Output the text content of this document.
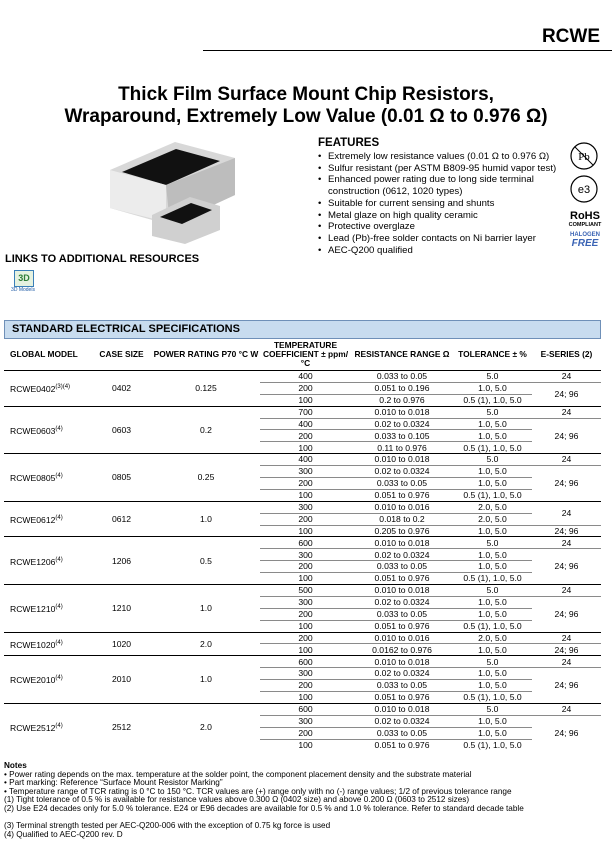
RCWE
Thick Film Surface Mount Chip Resistors,
Wraparound, Extremely Low Value (0.01 Ω to 0.976 Ω)
FEATURES
• Extremely low resistance values (0.01 Ω to 0.976 Ω)
• Sulfur resistant (per ASTM B809-95 humid vapor test)
• Enhanced power rating due to long side terminal construction (0612, 1020 types)
• Suitable for current sensing and shunts
• Metal glaze on high quality ceramic
• Protective overglaze
• Lead (Pb)-free solder contacts on Ni barrier layer
• AEC-Q200 qualified
Pb
e3
RoHS
COMPLIANT
HALOGEN
FREE
LINKS TO ADDITIONAL RESOURCES
3D
3D Models
STANDARD ELECTRICAL SPECIFICATIONS
GLOBAL MODEL	CASE SIZE	POWER RATING P70 °C W	TEMPERATURE COEFFICIENT ± ppm/°C	RESISTANCE RANGE Ω	TOLERANCE ± %	E-SERIES (2)
$RCWE0402^{(3)(4)}$	0402	0.125	400	0.033 to 0.05	5.0	24
			200	0.051 to 0.196	1.0, 5.0	24; 96
			100	0.2 to 0.976	0.5 (1), 1.0, 5.0	
RCWE0603$^{(4)}$	0603	0.2	700	0.010 to 0.018	5.0	24
			400	0.02 to 0.0324	1.0, 5.0	24; 96
			200	0.033 to 0.105	1.0, 5.0	
			100	0.11 to 0.976	0.5 (1), 1.0, 5.0	
RCWE0805$^{(4)}$	0805	0.25	400	0.010 to 0.018	5.0	24
			300	0.02 to 0.0324	1.0, 5.0	24; 96
			200	0.033 to 0.05	1.0, 5.0	
			100	0.051 to 0.976	0.5 (1), 1.0, 5.0	
RCWE0612$^{(4)}$	0612	1.0	300	0.010 to 0.016	2.0, 5.0	24
			200	0.018 to 0.2	2.0, 5.0	
			100	0.205 to 0.976	1.0, 5.0	24; 96
RCWE1206$^{(4)}$	1206	0.5	600	0.010 to 0.018	5.0	24
			300	0.02 to 0.0324	1.0, 5.0	24; 96
			200	0.033 to 0.05	1.0, 5.0	
			100	0.051 to 0.976	0.5 (1), 1.0, 5.0	
RCWE1210$^{(4)}$	1210	1.0	500	0.010 to 0.018	5.0	24
			300	0.02 to 0.0324	1.0, 5.0	24; 96
			200	0.033 to 0.05	1.0, 5.0	
			100	0.051 to 0.976	0.5 (1), 1.0, 5.0	
RCWE1020$^{(4)}$	1020	2.0	200	0.010 to 0.016	2.0, 5.0	24
			100	0.0162 to 0.976	1.0, 5.0	24; 96
RCWE2010$^{(4)}$	2010	1.0	600	0.010 to 0.018	5.0	24
			300	0.02 to 0.0324	1.0, 5.0	24; 96
			200	0.033 to 0.05	1.0, 5.0	
			100	0.051 to 0.976	0.5 (1), 1.0, 5.0	
RCWE2512$^{(4)}$	2512	2.0	600	0.010 to 0.018	5.0	24
			300	0.02 to 0.0324	1.0, 5.0	24; 96
			200	0.033 to 0.05	1.0, 5.0	
			100	0.051 to 0.976	0.5 (1), 1.0, 5.0	
Notes
• Power rating depends on the max. temperature at the solder point, the component placement density and the substrate material
• Part marking: Reference “Surface Mount Resistor Marking”
• Temperature range of TCR rating is 0 °C to 150 °C. TCR values are (+) range only with no (-) range values; 1/2 of previous tolerance range
(1) Tight tolerance of 0.5 % is available for resistance values above 0.300 Ω (0402 size) and above 0.200 Ω (0603 to 2512 sizes)
(2) Use E24 decades only for 5.0 % tolerance. E24 or E96 decades are available for 0.5 % and 1.0 % tolerance. Refer to standard decade table
(3) Terminal strength tested per AEC-Q200-006 with the exception of 0.75 kg force is used
(4) Qualified to AEC-Q200 rev. D
